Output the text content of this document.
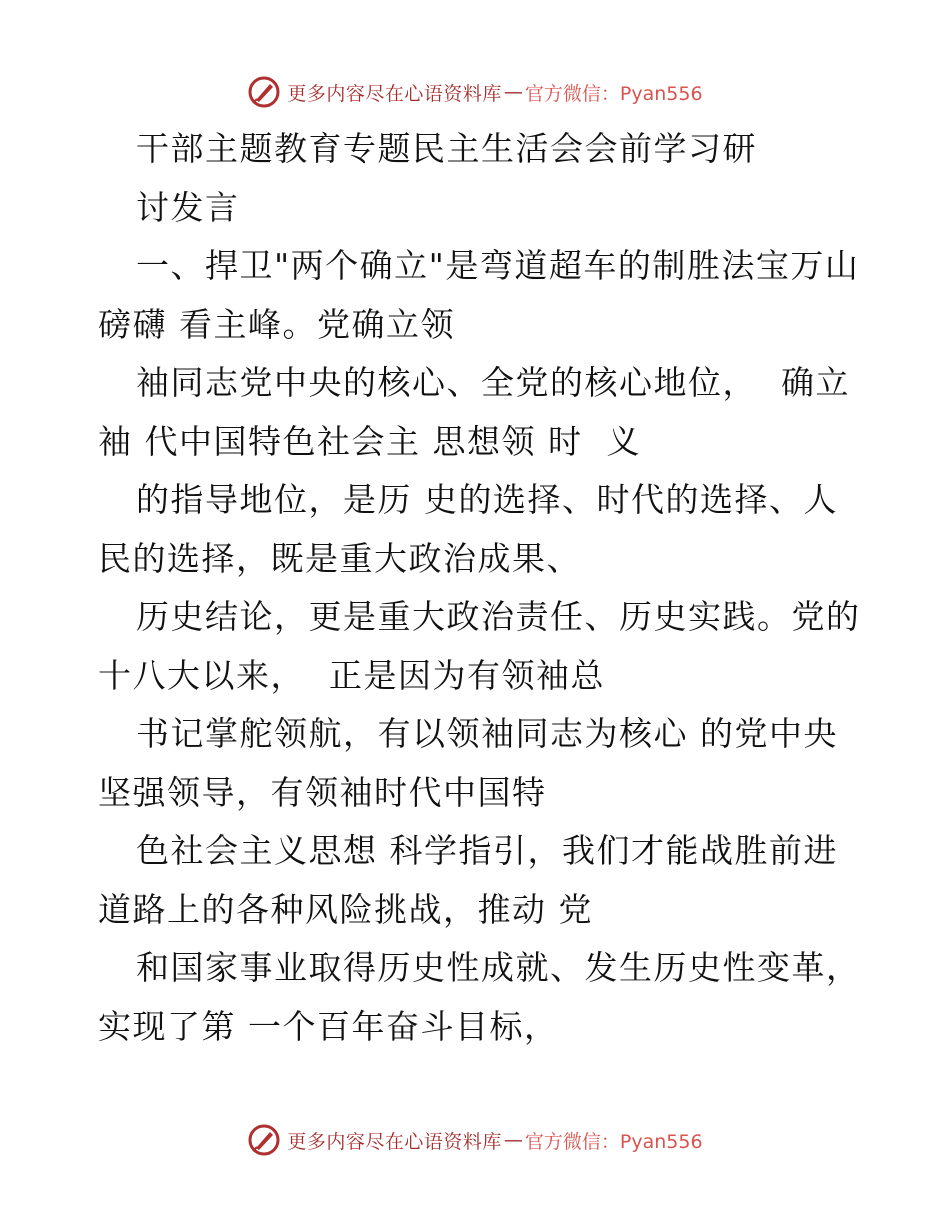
更多内容尽在心语资料库 — 官方微信：Pyan556
干部主题教育专题民主生活会会前学习研
讨发言
一、捍卫"两个确立"是弯道超车的制胜法宝万山
磅礴 看主峰。党确立领
袖同志党中央的核心、全党的核心地位，  确立
袖 代中国特色社会主 思想领 时  义
的指导地位，是历 史的选择、时代的选择、人
民的选择，既是重大政治成果、
历史结论，更是重大政治责任、历史实践。党的
十八大以来，  正是因为有领袖总
书记掌舵领航，有以领袖同志为核心 的党中央
坚强领导，有领袖时代中国特
色社会主义思想 科学指引，我们才能战胜前进
道路上的各种风险挑战，推动 党
和国家事业取得历史性成就、发生历史性变革，
实现了第 一个百年奋斗目标，
更多内容尽在心语资料库 — 官方微信：Pyan556
